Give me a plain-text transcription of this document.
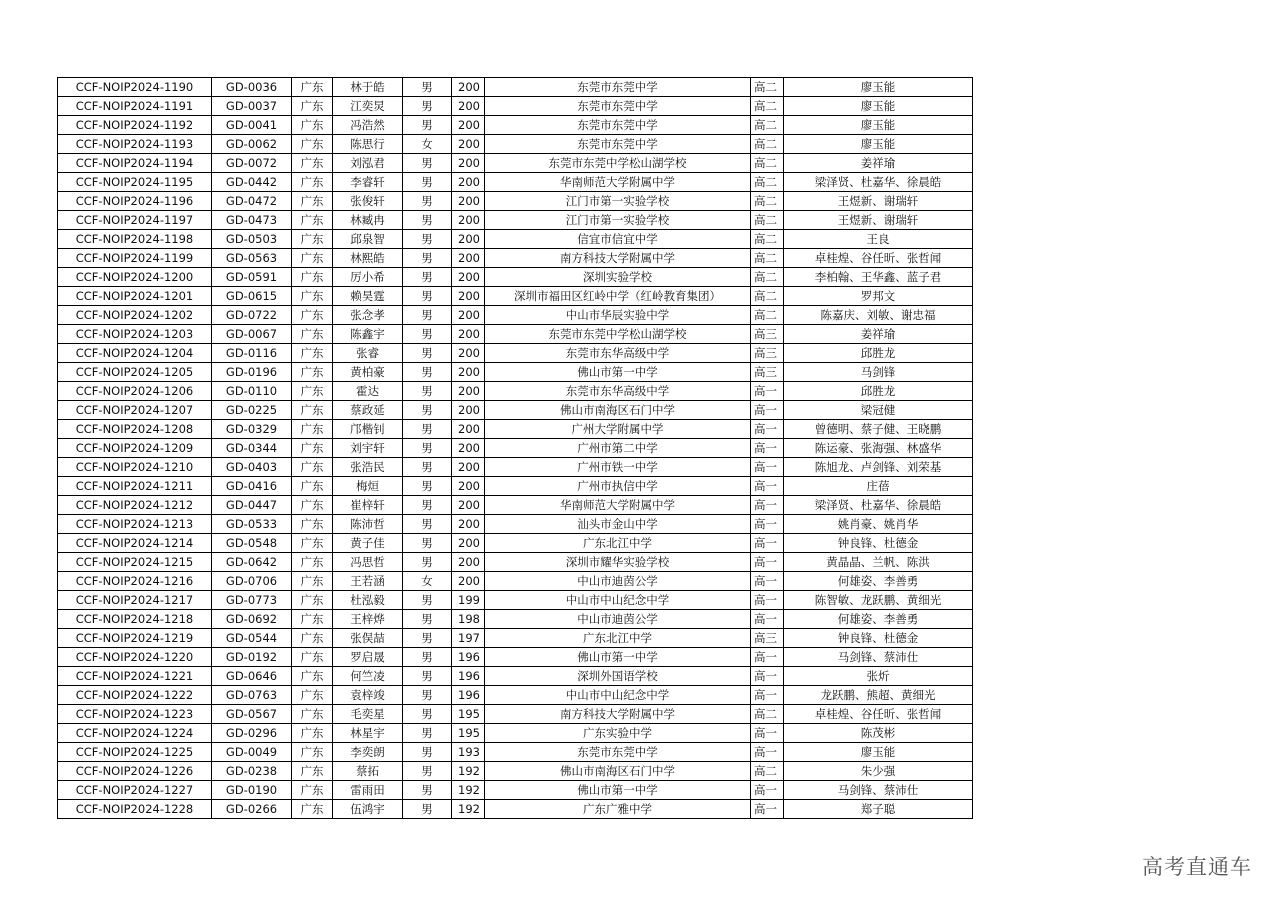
CCF-NOIP2024-1190	GD-0036	广东	林于皓	男	200	东莞市东莞中学	高二	廖玉能
CCF-NOIP2024-1191	GD-0037	广东	江奕炅	男	200	东莞市东莞中学	高二	廖玉能
CCF-NOIP2024-1192	GD-0041	广东	冯浩然	男	200	东莞市东莞中学	高二	廖玉能
CCF-NOIP2024-1193	GD-0062	广东	陈思行	女	200	东莞市东莞中学	高二	廖玉能
CCF-NOIP2024-1194	GD-0072	广东	刘泓君	男	200	东莞市东莞中学松山湖学校	高二	姜祥瑜
CCF-NOIP2024-1195	GD-0442	广东	李睿轩	男	200	华南师范大学附属中学	高二	梁泽贤、杜嘉华、徐晨皓
CCF-NOIP2024-1196	GD-0472	广东	张俊轩	男	200	江门市第一实验学校	高二	王煜新、谢瑞轩
CCF-NOIP2024-1197	GD-0473	广东	林臧冉	男	200	江门市第一实验学校	高二	王煜新、谢瑞轩
CCF-NOIP2024-1198	GD-0503	广东	邱泉智	男	200	信宜市信宜中学	高二	王良
CCF-NOIP2024-1199	GD-0563	广东	林熙皓	男	200	南方科技大学附属中学	高二	卓桂煌、谷任昕、张哲闻
CCF-NOIP2024-1200	GD-0591	广东	厉小希	男	200	深圳实验学校	高二	李柏翰、王华鑫、蓝子君
CCF-NOIP2024-1201	GD-0615	广东	赖昊霆	男	200	深圳市福田区红岭中学（红岭教育集团）	高二	罗邦文
CCF-NOIP2024-1202	GD-0722	广东	张念孝	男	200	中山市华辰实验中学	高二	陈嘉庆、刘敏、谢忠福
CCF-NOIP2024-1203	GD-0067	广东	陈鑫宇	男	200	东莞市东莞中学松山湖学校	高三	姜祥瑜
CCF-NOIP2024-1204	GD-0116	广东	张睿	男	200	东莞市东华高级中学	高三	邱胜龙
CCF-NOIP2024-1205	GD-0196	广东	黄柏豪	男	200	佛山市第一中学	高三	马剑锋
CCF-NOIP2024-1206	GD-0110	广东	霍达	男	200	东莞市东华高级中学	高一	邱胜龙
CCF-NOIP2024-1207	GD-0225	广东	蔡政延	男	200	佛山市南海区石门中学	高一	梁冠健
CCF-NOIP2024-1208	GD-0329	广东	邝楷钊	男	200	广州大学附属中学	高一	曾德明、蔡子健、王晓鹏
CCF-NOIP2024-1209	GD-0344	广东	刘宇轩	男	200	广州市第二中学	高一	陈运豪、张海强、林盛华
CCF-NOIP2024-1210	GD-0403	广东	张浩民	男	200	广州市铁一中学	高一	陈旭龙、卢剑锋、刘荣基
CCF-NOIP2024-1211	GD-0416	广东	梅烜	男	200	广州市执信中学	高一	庄蓓
CCF-NOIP2024-1212	GD-0447	广东	崔梓轩	男	200	华南师范大学附属中学	高一	梁泽贤、杜嘉华、徐晨皓
CCF-NOIP2024-1213	GD-0533	广东	陈沛哲	男	200	汕头市金山中学	高一	姚肖豪、姚肖华
CCF-NOIP2024-1214	GD-0548	广东	黄子佳	男	200	广东北江中学	高一	钟良锋、杜德金
CCF-NOIP2024-1215	GD-0642	广东	冯思哲	男	200	深圳市耀华实验学校	高一	黄晶晶、兰帆、陈洪
CCF-NOIP2024-1216	GD-0706	广东	王若涵	女	200	中山市迪茵公学	高一	何雄姿、李善勇
CCF-NOIP2024-1217	GD-0773	广东	杜泓毅	男	199	中山市中山纪念中学	高一	陈智敏、龙跃鹏、黄细光
CCF-NOIP2024-1218	GD-0692	广东	王梓烨	男	198	中山市迪茵公学	高一	何雄姿、李善勇
CCF-NOIP2024-1219	GD-0544	广东	张俣喆	男	197	广东北江中学	高三	钟良锋、杜德金
CCF-NOIP2024-1220	GD-0192	广东	罗启晟	男	196	佛山市第一中学	高一	马剑锋、蔡沛仕
CCF-NOIP2024-1221	GD-0646	广东	何竺凌	男	196	深圳外国语学校	高一	张炘
CCF-NOIP2024-1222	GD-0763	广东	袁梓竣	男	196	中山市中山纪念中学	高一	龙跃鹏、熊超、黄细光
CCF-NOIP2024-1223	GD-0567	广东	毛奕星	男	195	南方科技大学附属中学	高二	卓桂煌、谷任昕、张哲闻
CCF-NOIP2024-1224	GD-0296	广东	林星宇	男	195	广东实验中学	高一	陈茂彬
CCF-NOIP2024-1225	GD-0049	广东	李奕朗	男	193	东莞市东莞中学	高一	廖玉能
CCF-NOIP2024-1226	GD-0238	广东	蔡拓	男	192	佛山市南海区石门中学	高二	朱少强
CCF-NOIP2024-1227	GD-0190	广东	雷雨田	男	192	佛山市第一中学	高一	马剑锋、蔡沛仕
CCF-NOIP2024-1228	GD-0266	广东	伍鸿宇	男	192	广东广雅中学	高一	郑子聪
高考直通车
